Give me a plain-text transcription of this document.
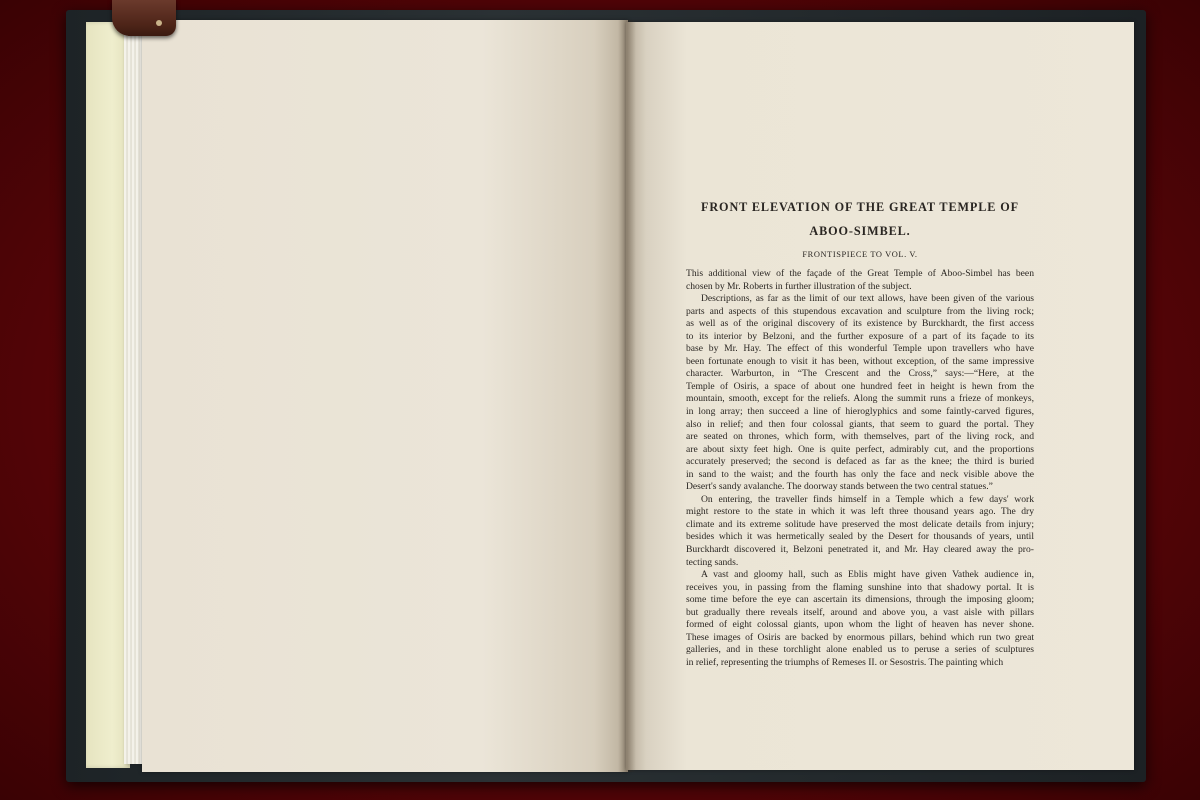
FRONT ELEVATION OF THE GREAT TEMPLE OF
ABOO-SIMBEL.
FRONTISPIECE TO VOL. V.
This additional view of the façade of the Great Temple of Aboo-Simbel has been
chosen by Mr. Roberts in further illustration of the subject.
Descriptions, as far as the limit of our text allows, have been given of the various
parts and aspects of this stupendous excavation and sculpture from the living rock;
as well as of the original discovery of its existence by Burckhardt, the first access
to its interior by Belzoni, and the further exposure of a part of its façade to its
base by Mr. Hay. The effect of this wonderful Temple upon travellers who have
been fortunate enough to visit it has been, without exception, of the same impressive
character. Warburton, in “The Crescent and the Cross,” says:—“Here, at the
Temple of Osiris, a space of about one hundred feet in height is hewn from the
mountain, smooth, except for the reliefs. Along the summit runs a frieze of monkeys,
in long array; then succeed a line of hieroglyphics and some faintly-carved figures,
also in relief; and then four colossal giants, that seem to guard the portal. They
are seated on thrones, which form, with themselves, part of the living rock, and
are about sixty feet high. One is quite perfect, admirably cut, and the proportions
accurately preserved; the second is defaced as far as the knee; the third is buried
in sand to the waist; and the fourth has only the face and neck visible above the
Desert's sandy avalanche. The doorway stands between the two central statues.”
On entering, the traveller finds himself in a Temple which a few days' work
might restore to the state in which it was left three thousand years ago. The dry
climate and its extreme solitude have preserved the most delicate details from injury;
besides which it was hermetically sealed by the Desert for thousands of years, until
Burckhardt discovered it, Belzoni penetrated it, and Mr. Hay cleared away the pro-
tecting sands.
A vast and gloomy hall, such as Eblis might have given Vathek audience in,
receives you, in passing from the flaming sunshine into that shadowy portal. It is
some time before the eye can ascertain its dimensions, through the imposing gloom;
but gradually there reveals itself, around and above you, a vast aisle with pillars
formed of eight colossal giants, upon whom the light of heaven has never shone.
These images of Osiris are backed by enormous pillars, behind which run two great
galleries, and in these torchlight alone enabled us to peruse a series of sculptures
in relief, representing the triumphs of Remeses II. or Sesostris. The painting which
